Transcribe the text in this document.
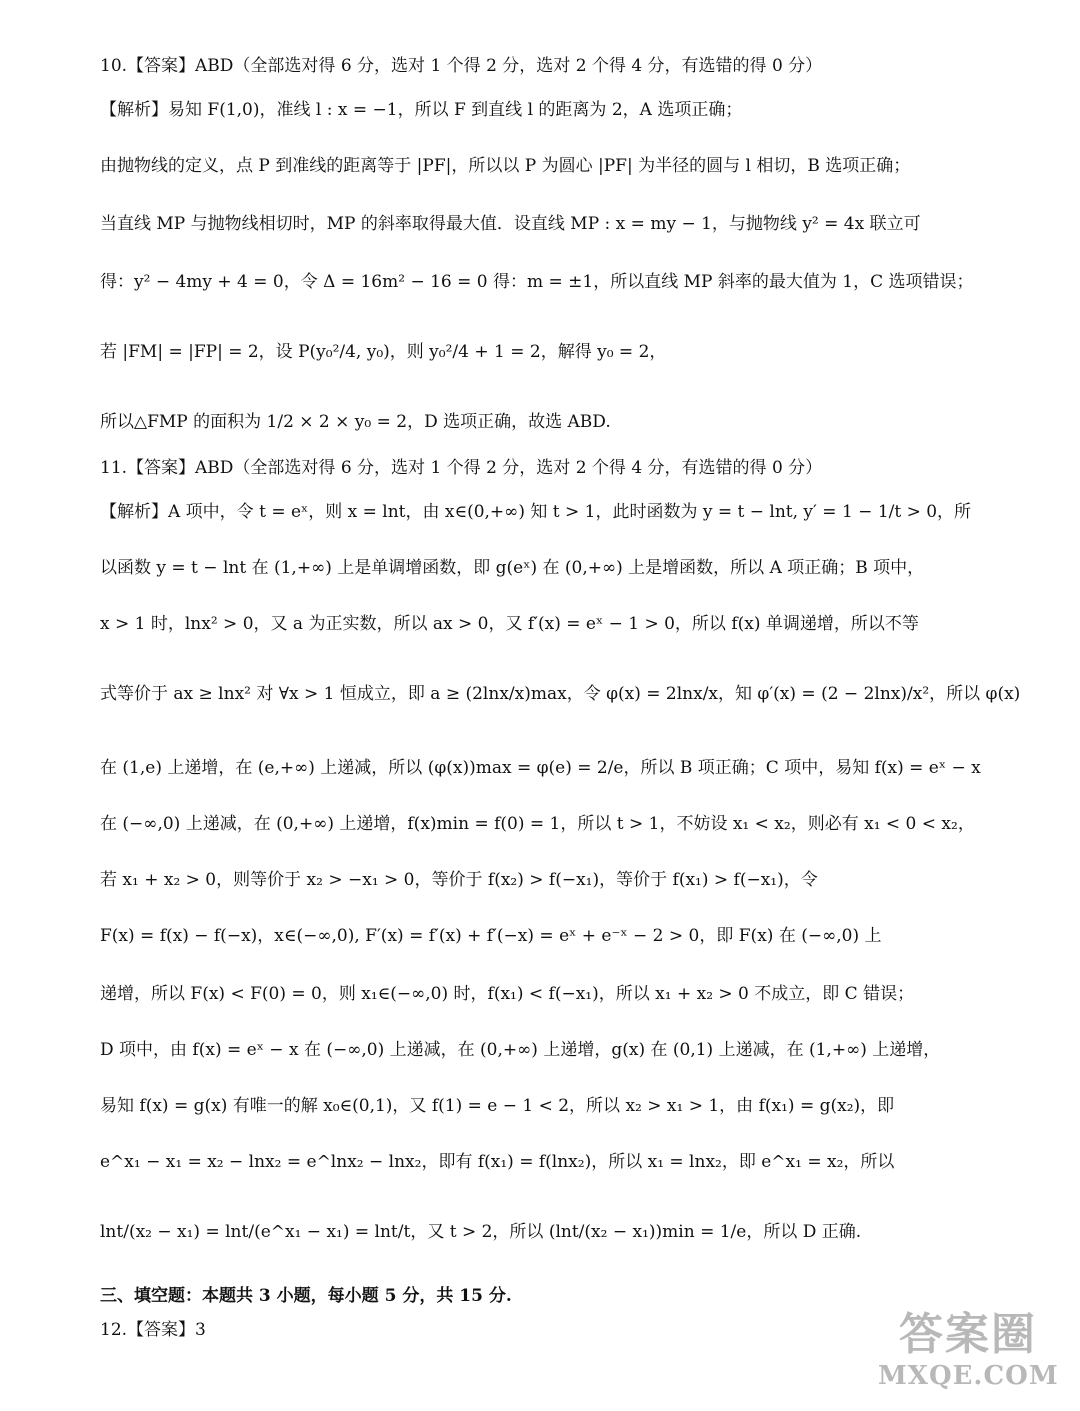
10.【答案】ABD（全部选对得 6 分，选对 1 个得 2 分，选对 2 个得 4 分，有选错的得 0 分）
【解析】易知 F(1,0)，准线 l : x = −1，所以 F 到直线 l 的距离为 2，A 选项正确；
由抛物线的定义，点 P 到准线的距离等于 |PF|，所以以 P 为圆心 |PF| 为半径的圆与 l 相切，B 选项正确；
当直线 MP 与抛物线相切时，MP 的斜率取得最大值．设直线 MP : x = my − 1，与抛物线 y² = 4x 联立可
得：y² − 4my + 4 = 0，令 Δ = 16m² − 16 = 0 得：m = ±1，所以直线 MP 斜率的最大值为 1，C 选项错误；
若 |FM| = |FP| = 2，设 P(y₀²/4, y₀)，则 y₀²/4 + 1 = 2，解得 y₀ = 2，
所以△FMP 的面积为 1/2 × 2 × y₀ = 2，D 选项正确，故选 ABD.
11.【答案】ABD（全部选对得 6 分，选对 1 个得 2 分，选对 2 个得 4 分，有选错的得 0 分）
【解析】A 项中，令 t = eˣ，则 x = lnt，由 x∈(0,+∞) 知 t > 1，此时函数为 y = t − lnt, y′ = 1 − 1/t > 0，所
以函数 y = t − lnt 在 (1,+∞) 上是单调增函数，即 g(eˣ) 在 (0,+∞) 上是增函数，所以 A 项正确；B 项中，
x > 1 时，lnx² > 0，又 a 为正实数，所以 ax > 0，又 f′(x) = eˣ − 1 > 0，所以 f(x) 单调递增，所以不等
式等价于 ax ≥ lnx² 对 ∀x > 1 恒成立，即 a ≥ (2lnx/x)max，令 φ(x) = 2lnx/x，知 φ′(x) = (2 − 2lnx)/x²，所以 φ(x)
在 (1,e) 上递增，在 (e,+∞) 上递减，所以 (φ(x))max = φ(e) = 2/e，所以 B 项正确；C 项中，易知 f(x) = eˣ − x
在 (−∞,0) 上递减，在 (0,+∞) 上递增，f(x)min = f(0) = 1，所以 t > 1，不妨设 x₁ < x₂，则必有 x₁ < 0 < x₂，
若 x₁ + x₂ > 0，则等价于 x₂ > −x₁ > 0，等价于 f(x₂) > f(−x₁)，等价于 f(x₁) > f(−x₁)，令
F(x) = f(x) − f(−x)，x∈(−∞,0), F′(x) = f′(x) + f′(−x) = eˣ + e⁻ˣ − 2 > 0，即 F(x) 在 (−∞,0) 上
递增，所以 F(x) < F(0) = 0，则 x₁∈(−∞,0) 时，f(x₁) < f(−x₁)，所以 x₁ + x₂ > 0 不成立，即 C 错误；
D 项中，由 f(x) = eˣ − x 在 (−∞,0) 上递减，在 (0,+∞) 上递增，g(x) 在 (0,1) 上递减，在 (1,+∞) 上递增，
易知 f(x) = g(x) 有唯一的解 x₀∈(0,1)，又 f(1) = e − 1 < 2，所以 x₂ > x₁ > 1，由 f(x₁) = g(x₂)，即
e^x₁ − x₁ = x₂ − lnx₂ = e^lnx₂ − lnx₂，即有 f(x₁) = f(lnx₂)，所以 x₁ = lnx₂，即 e^x₁ = x₂，所以
lnt/(x₂ − x₁) = lnt/(e^x₁ − x₁) = lnt/t，又 t > 2，所以 (lnt/(x₂ − x₁))min = 1/e，所以 D 正确.
三、填空题：本题共 3 小题，每小题 5 分，共 15 分.
12.【答案】3	答案圈
MXQE.COM
